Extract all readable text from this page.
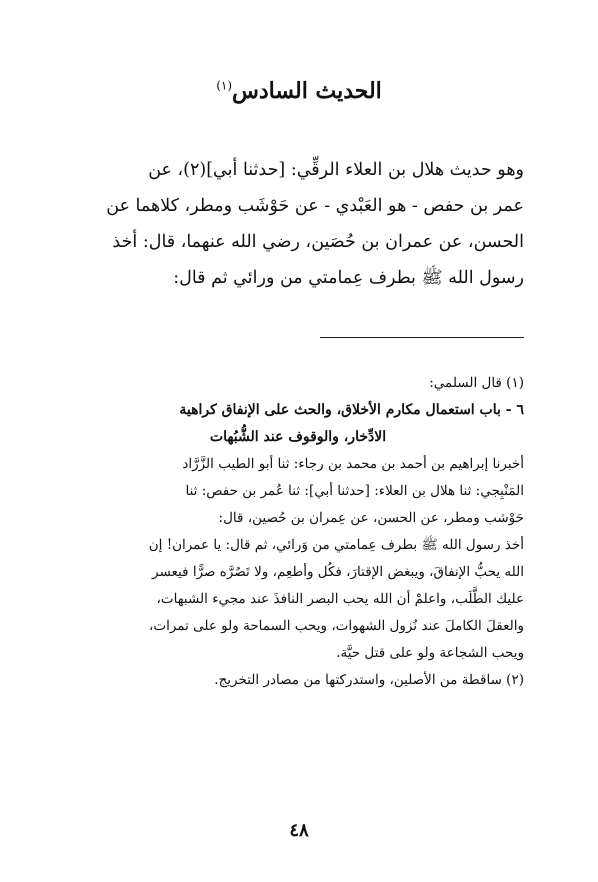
الحديث السادس$^{(١)}$
وهو حديث هلال بن العلاء الرقِّي: [حدثنا أبي](٢)، عن
عمر بن حفص - هو العَبْدي - عن حَوْشَب ومطر، كلاهما عن
الحسن، عن عمران بن حُصَين، رضي الله عنهما، قال: أخذ
رسول الله ﷺ بطرف عِمامتي من ورائي ثم قال:
(١) قال السلمي:
٦ - باب استعمال مكارم الأخلاق، والحث على الإنفاق كراهية
الادِّخار، والوقوف عند الشُّبُهات
أخبرنا إبراهيم بن أحمد بن محمد بن رجاء: ثنا أبو الطيب الزَّرَّاد
المَنْبِجي: ثنا هلال بن العلاء: [حدثنا أبي]: ثنا عُمر بن حفص: ثنا
حَوْشب ومطر، عن الحسن، عن عِمران بن حُصين، قال:
أخذ رسول الله ﷺ بطرف عِمامتي من وَرائي، ثم قال: يا عمران! إن
الله يحبُّ الإنفاقَ، ويبغض الإقتارَ، فكُل وأطعِم، ولا تَصُرَّه صرًّا فيعسر
عليك الطَّلَب، واعلمْ أن الله يحب البصر النافذَ عند مجيء الشبهات،
والعقلَ الكاملَ عند نُزول الشهوات، ويحب السماحة ولو على تمرات،
ويحب الشجاعة ولو على قتل حيَّة.
(٢) ساقطة من الأصلين، واستدركتها من مصادر التخريج.
٤٨
